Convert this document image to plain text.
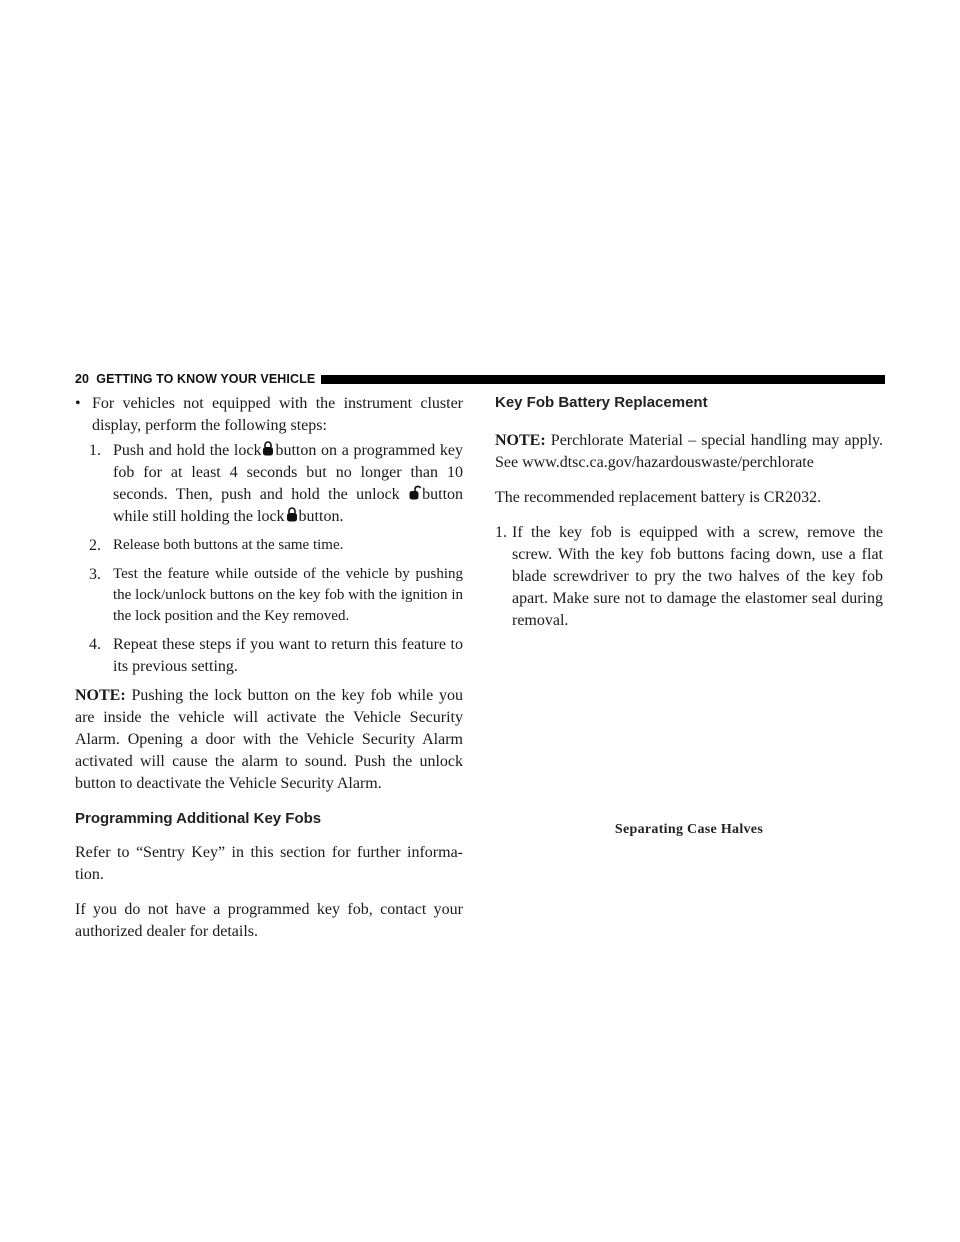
20 GETTING TO KNOW YOUR VEHICLE
• For vehicles not equipped with the instrument cluster display, perform the following steps:
1. Push and hold the lock button on a programmed key fob for at least 4 seconds but no longer than 10 seconds. Then, push and hold the unlock button while still holding the lock button.
2. Release both buttons at the same time.
3. Test the feature while outside of the vehicle by pushing the lock/unlock buttons on the key fob with the ignition in the lock position and the Key removed.
4. Repeat these steps if you want to return this feature to its previous setting.

NOTE: Pushing the lock button on the key fob while you are inside the vehicle will activate the Vehicle Security Alarm. Opening a door with the Vehicle Security Alarm activated will cause the alarm to sound. Push the unlock button to deactivate the Vehicle Security Alarm.

Programming Additional Key Fobs

Refer to “Sentry Key” in this section for further informa- tion.

If you do not have a programmed key fob, contact your authorized dealer for details.

Key Fob Battery Replacement

NOTE: Perchlorate Material – special handling may apply. See www.dtsc.ca.gov/hazardouswaste/perchlorate

The recommended replacement battery is CR2032.

1. If the key fob is equipped with a screw, remove the screw. With the key fob buttons facing down, use a flat blade screwdriver to pry the two halves of the key fob apart. Make sure not to damage the elastomer seal during removal.
Separating Case Halves
